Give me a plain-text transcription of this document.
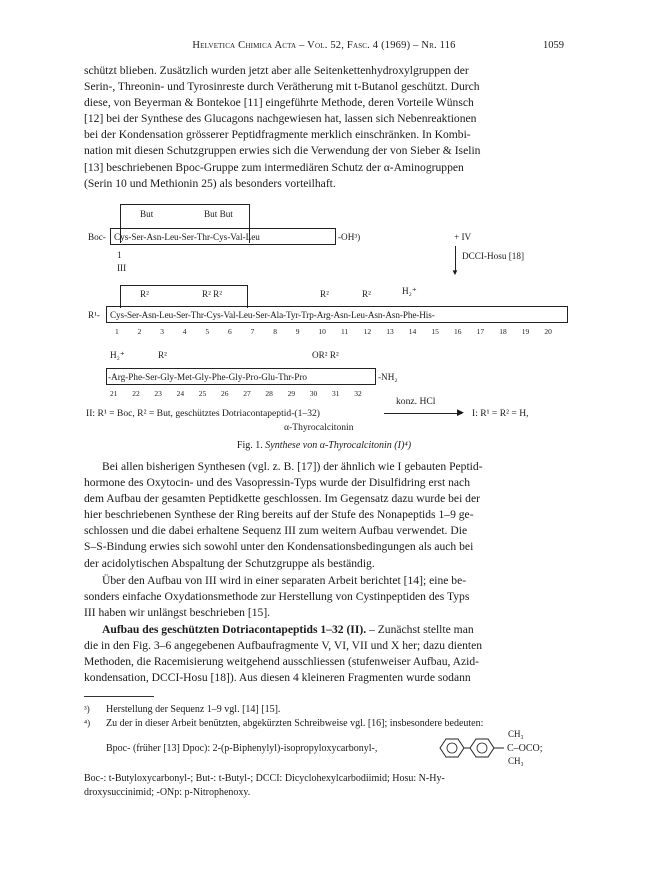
Helvetica Chimica Acta – Vol. 52, Fasc. 4 (1969) – Nr. 116	1059

schützt blieben. Zusätzlich wurden jetzt aber alle Seitenkettenhydroxylgruppen der

Serin-, Threonin- und Tyrosinreste durch Verätherung mit t-Butanol geschützt. Durch

diese, von Beyerman & Bontekoe [11] eingeführte Methode, deren Vorteile Wünsch

[12] bei der Synthese des Glucagons nachgewiesen hat, lassen sich Nebenreaktionen

bei der Kondensation grösserer Peptidfragmente merklich einschränken. In Kombi-

nation mit diesen Schutzgruppen erwies sich die Verwendung der von Sieber & Iselin

[13] beschriebenen Bpoc-Gruppe zum intermediären Schutz der α-Aminogruppen

(Serin 10 und Methionin 25) als besonders vorteilhaft.

But	But But
Boc- Cys-Ser-Asn-Leu-Ser-Thr-Cys-Val-Leu	-OH³)
1
III
+ IV
▼
DCCI-Hosu [18]
R²	R² R²	R²	R²	H₂⁺
R¹- Cys-Ser-Asn-Leu-Ser-Thr-Cys-Val-Leu-Ser-Ala-Tyr-Trp-Arg-Asn-Leu-Asn-Asn-Phe-His-
1	2	3	4	5	6	7	8	9	10 11 12 13 14 15 16 17 18 19 20
H₂⁺	R²	OR² R²
-Arg-Phe-Ser-Gly-Met-Gly-Phe-Gly-Pro-Glu-Thr-Pro	-NH₂
21 22 23 24 25 26 27 28 29 30 31 32
II: R¹ = Boc, R² = But, geschütztes Dotriacontapeptid-(1–32)
konz. HCl
▶ I: R¹ = R² = H,
α-Thyrocalcitonin
Fig. 1. Synthese von α-Thyrocalcitonin (I)⁴)

Bei allen bisherigen Synthesen (vgl. z. B. [17]) der ähnlich wie I gebauten Peptid-

hormone des Oxytocin- und des Vasopressin-Typs wurde der Disulfidring erst nach

dem Aufbau der gesamten Peptidkette geschlossen. Im Gegensatz dazu wurde bei der

hier beschriebenen Synthese der Ring bereits auf der Stufe des Nonapeptids 1–9 ge-

schlossen und die dabei erhaltene Sequenz III zum weitern Aufbau verwendet. Die

S–S-Bindung erwies sich sowohl unter den Kondensationsbedingungen als auch bei

der acidolytischen Abspaltung der Schutzgruppe als beständig.

Über den Aufbau von III wird in einer separaten Arbeit berichtet [14]; eine be-

sonders einfache Oxydationsmethode zur Herstellung von Cystinpeptiden des Typs

III haben wir unlängst beschrieben [15].

Aufbau des geschützten Dotriacontapeptids 1–32 (II). – Zunächst stellte man

die in den Fig. 3–6 angegebenen Aufbaufragmente V, VI, VII und X her; dazu dienten

Methoden, die Racemisierung weitgehend ausschliessen (stufenweiser Aufbau, Azid-

kondensation, DCCI-Hosu [18]). Aus diesen 4 kleineren Fragmenten wurde sodann

³) Herstellung der Sequenz 1–9 vgl. [14] [15].
⁴) Zu der in dieser Arbeit benützten, abgekürzten Schreibweise vgl. [16]; insbesondere bedeuten:
Bpoc- (früher [13] Dpoc): 2-(p-Biphenylyl)-isopropyloxycarbonyl-,
CH₃
C–OCO;
CH₃
Boc-: t-Butyloxycarbonyl-; But-: t-Butyl-; DCCI: Dicyclohexylcarbodiimid; Hosu: N-Hy-
droxysuccinimid; -ONp: p-Nitrophenoxy.
